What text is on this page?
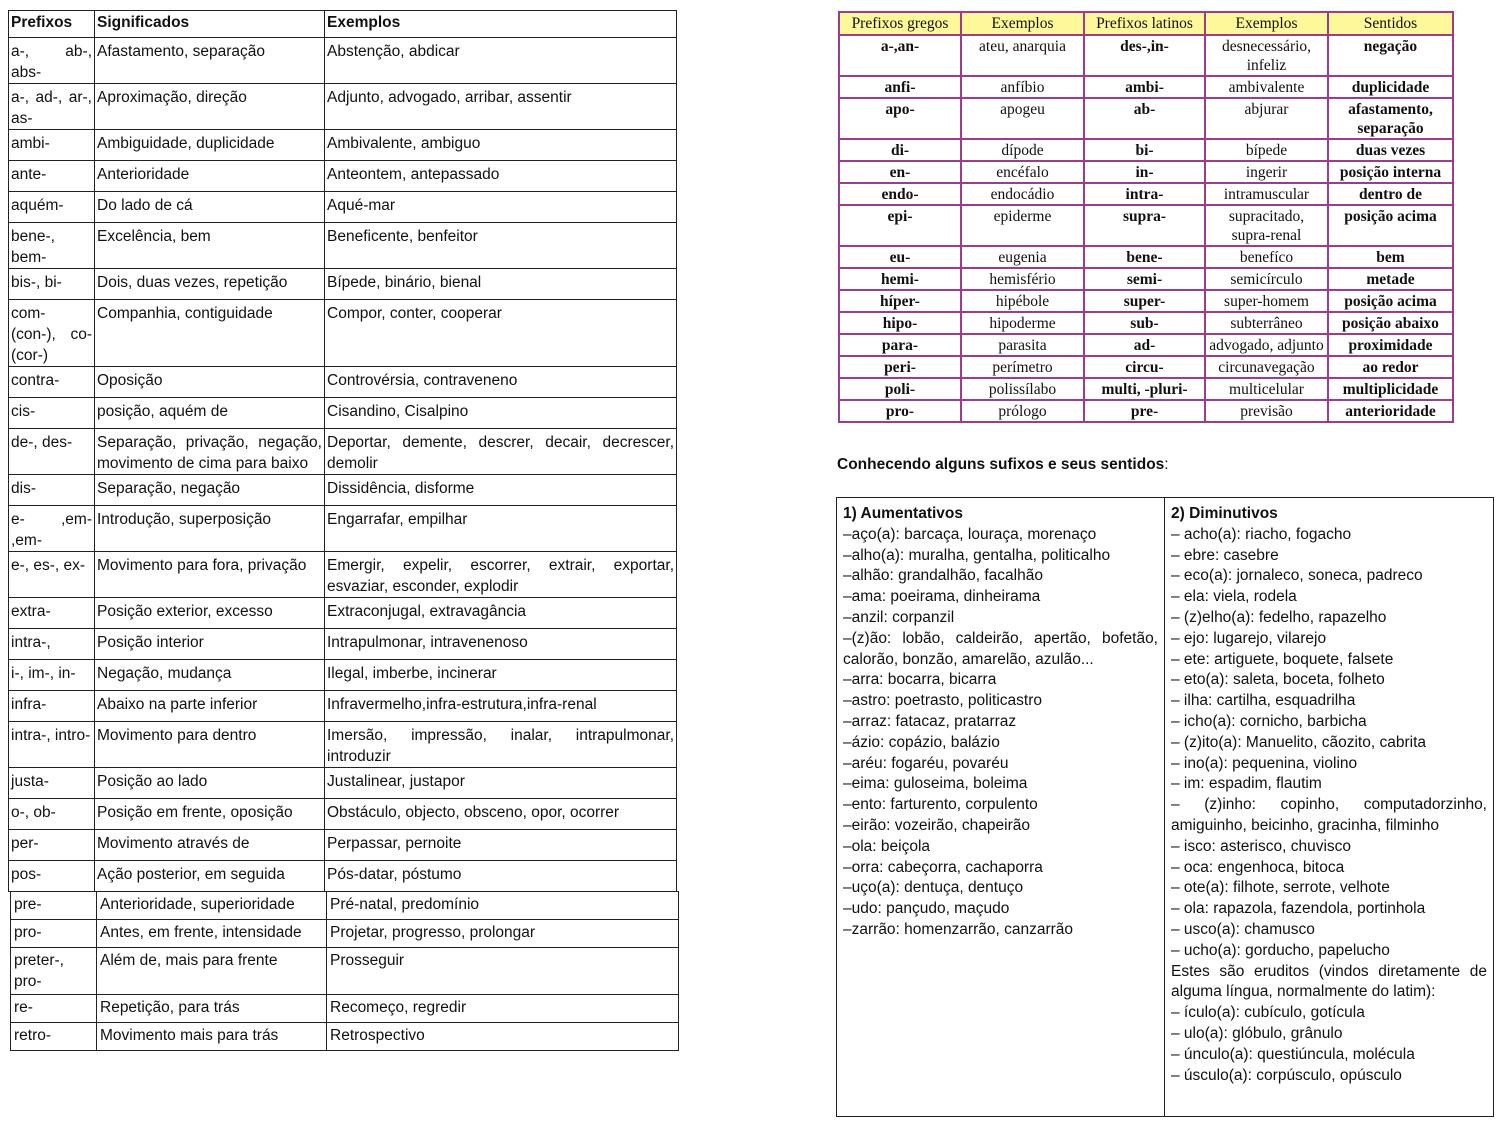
Prefixos	Significados	Exemplos
a-, ab-, abs-	Afastamento, separação	Abstenção, abdicar
a-, ad-, ar-, as-	Aproximação, direção	Adjunto, advogado, arribar, assentir
ambi-	Ambiguidade, duplicidade	Ambivalente, ambiguo
ante-	Anterioridade	Anteontem, antepassado
aquém-	Do lado de cá	Aqué-mar
bene-, bem-	Excelência, bem	Beneficente, benfeitor
bis-, bi-	Dois, duas vezes, repetição	Bípede, binário, bienal
com- (con-), co- (cor-)	Companhia, contiguidade	Compor, conter, cooperar
contra-	Oposição	Controvérsia, contraveneno
cis-	posição, aquém de	Cisandino, Cisalpino
de-, des-	Separação, privação, negação, movimento de cima para baixo	Deportar, demente, descrer, decair, decrescer, demolir
dis-	Separação, negação	Dissidência, disforme
e- ,em- ,em-	Introdução, superposição	Engarrafar, empilhar
e-, es-, ex-	Movimento para fora, privação	Emergir, expelir, escorrer, extrair, exportar, esvaziar, esconder, explodir
extra-	Posição exterior, excesso	Extraconjugal, extravagância
intra-,	Posição interior	Intrapulmonar, intravenenoso
i-, im-, in-	Negação, mudança	Ilegal, imberbe, incinerar
infra-	Abaixo na parte inferior	Infravermelho,infra-estrutura,infra-renal
intra-, intro-	Movimento para dentro	Imersão, impressão, inalar, intrapulmonar, introduzir
justa-	Posição ao lado	Justalinear, justapor
o-, ob-	Posição em frente, oposição	Obstáculo, objecto, obsceno, opor, ocorrer
per-	Movimento através de	Perpassar, pernoite
pos-	Ação posterior, em seguida	Pós-datar, póstumo
pre-	Anterioridade, superioridade	Pré-natal, predomínio
pro-	Antes, em frente, intensidade	Projetar, progresso, prolongar
preter-, pro-	Além de, mais para frente	Prosseguir
re-	Repetição, para trás	Recomeço, regredir
retro-	Movimento mais para trás	Retrospectivo
Prefixos gregos	Exemplos	Prefixos latinos	Exemplos	Sentidos
a-,an-	ateu, anarquia	des-,in-	desnecessário, infeliz	negação
anfi-	anfíbio	ambi-	ambivalente	duplicidade
apo-	apogeu	ab-	abjurar	afastamento, separação
di-	dípode	bi-	bípede	duas vezes
en-	encéfalo	in-	ingerir	posição interna
endo-	endocádio	intra-	intramuscular	dentro de
epi-	epiderme	supra-	supracitado, supra-renal	posição acima
eu-	eugenia	bene-	benefíco	bem
hemi-	hemisfério	semi-	semicírculo	metade
híper-	hipébole	super-	super-homem	posição acima
hipo-	hipoderme	sub-	subterrâneo	posição abaixo
para-	parasita	ad-	advogado, adjunto	proximidade
peri-	perímetro	circu-	circunavegação	ao redor
poli-	polissílabo	multi, -pluri-	multicelular	multiplicidade
pro-	prólogo	pre-	previsão	anterioridade
Conhecendo alguns sufixos e seus sentidos:
1) Aumentativos
–aço(a): barcaça, louraça, morenaço
–alho(a): muralha, gentalha, politicalho
–alhão: grandalhão, facalhão
–ama: poeirama, dinheirama
–anzil: corpanzil
–(z)ão: lobão, caldeirão, apertão, bofetão,
calorão, bonzão, amarelão, azulão...
–arra: bocarra, bicarra
–astro: poetrasto, politicastro
–arraz: fatacaz, pratarraz
–ázio: copázio, balázio
–aréu: fogaréu, povaréu
–eima: guloseima, boleima
–ento: farturento, corpulento
–eirão: vozeirão, chapeirão
–ola: beiçola
–orra: cabeçorra, cachaporra
–uço(a): dentuça, dentuço
–udo: pançudo, maçudo
–zarrão: homenzarrão, canzarrão
2) Diminutivos
– acho(a): riacho, fogacho
– ebre: casebre
– eco(a): jornaleco, soneca, padreco
– ela: viela, rodela
– (z)elho(a): fedelho, rapazelho
– ejo: lugarejo, vilarejo
– ete: artiguete, boquete, falsete
– eto(a): saleta, boceta, folheto
– ilha: cartilha, esquadrilha
– icho(a): cornicho, barbicha
– (z)ito(a): Manuelito, cãozito, cabrita
– ino(a): pequenina, violino
– im: espadim, flautim
– (z)inho: copinho, computadorzinho,
amiguinho, beicinho, gracinha, filminho
– isco: asterisco, chuvisco
– oca: engenhoca, bitoca
– ote(a): filhote, serrote, velhote
– ola: rapazola, fazendola, portinhola
– usco(a): chamusco
– ucho(a): gorducho, papelucho
Estes são eruditos (vindos diretamente de
alguma língua, normalmente do latim):
– ículo(a): cubículo, gotícula
– ulo(a): glóbulo, grânulo
– únculo(a): questiúncula, molécula
– úsculo(a): corpúsculo, opúsculo
